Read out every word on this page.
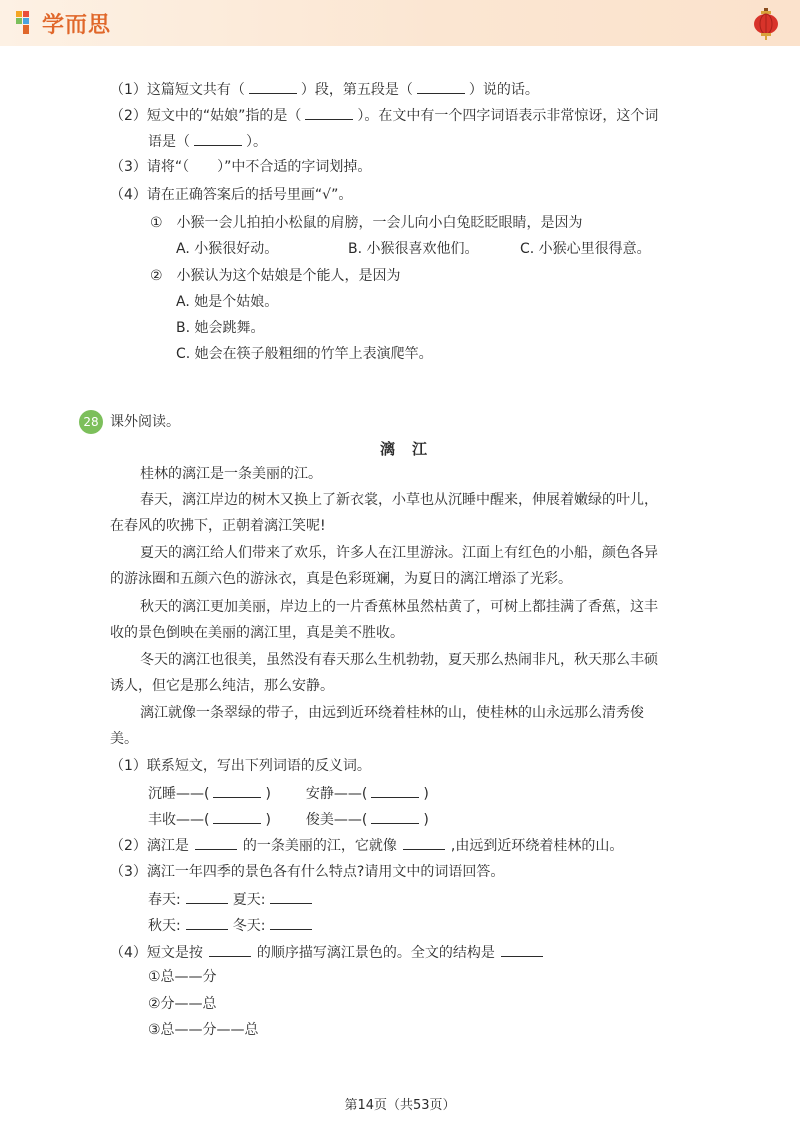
学而思
（1）这篇短文共有（	）段，第五段是（	）说的话。
（2）短文中的“姑娘”指的是（	）。在文中有一个四字词语表示非常惊讶，这个词
语是（	）。
（3）请将“（　　）”中不合适的字词划掉。
（4）请在正确答案后的括号里画“√”。
①　小猴一会儿拍拍小松鼠的肩膀，一会儿向小白兔眨眨眼睛，是因为
A. 小猴很好动。	B. 小猴很喜欢他们。	C. 小猴心里很得意。
②　小猴认为这个姑娘是个能人，是因为
A. 她是个姑娘。
B. 她会跳舞。
C. 她会在筷子般粗细的竹竿上表演爬竿。
28 课外阅读。
漓　江
桂林的漓江是一条美丽的江。
春天，漓江岸边的树木又换上了新衣裳，小草也从沉睡中醒来，伸展着嫩绿的叶儿，
在春风的吹拂下，正朝着漓江笑呢!
夏天的漓江给人们带来了欢乐，许多人在江里游泳。江面上有红色的小船，颜色各异
的游泳圈和五颜六色的游泳衣，真是色彩斑斓，为夏日的漓江增添了光彩。
秋天的漓江更加美丽，岸边上的一片香蕉林虽然枯黄了，可树上都挂满了香蕉，这丰
收的景色倒映在美丽的漓江里，真是美不胜收。
冬天的漓江也很美，虽然没有春天那么生机勃勃，夏天那么热闹非凡，秋天那么丰硕
诱人，但它是那么纯洁，那么安静。
漓江就像一条翠绿的带子，由远到近环绕着桂林的山，使桂林的山永远那么清秀俊
美。
（1）联系短文，写出下列词语的反义词。
沉睡——(	) 安静——(	)
丰收——(	) 俊美——(	)
（2）漓江是	的一条美丽的江，它就像	,由远到近环绕着桂林的山。
（3）漓江一年四季的景色各有什么特点?请用文中的词语回答。
春天:	夏天:
秋天:	冬天:
（4）短文是按	的顺序描写漓江景色的。全文的结构是
①总——分
②分——总
③总——分——总
第14页（共53页）
